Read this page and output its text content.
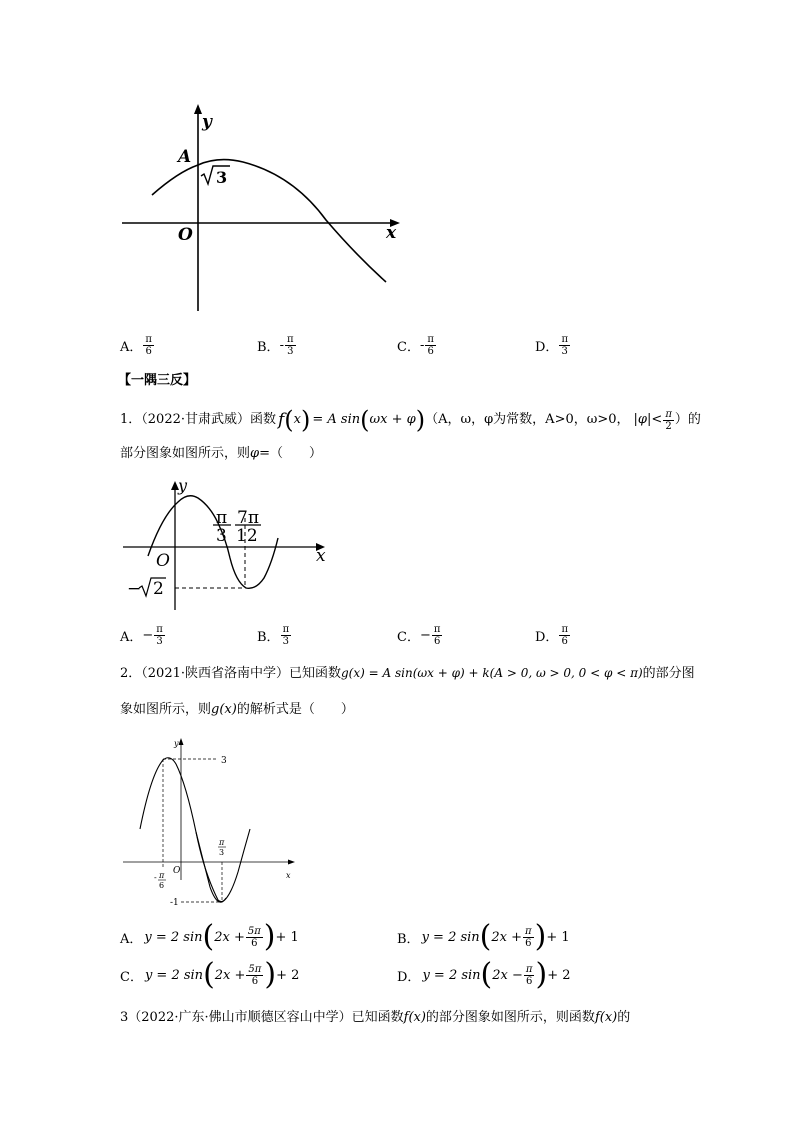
y
x
O
A
3
A． $\frac{\pi}{6}$	B． - $\frac{\pi}{3}$	C． - $\frac{\pi}{6}$	D． $\frac{\pi}{3}$
【一隅三反】
1．（2022·甘肃武威）函数 f ( x ) = A sin ( ωx + φ ) （A，ω，φ为常数，A>0，ω>0， | φ | < $\frac{\pi}{2}$ ）的
部分图象如图所示，则φ=（　　）
y
x
O
π
3
7π
12
− 2
A． − $\frac{\pi}{3}$	B． $\frac{\pi}{3}$	C． − $\frac{\pi}{6}$	D． $\frac{\pi}{6}$
2．（2021·陕西省洛南中学）已知函数g(x) = A sin(ωx + φ) + k(A > 0, ω > 0, 0 < φ < π)的部分图
象如图所示，则g(x)的解析式是（　　）
y
x
O
3
-1
π
3
- π
6
A． y = 2 sin ( $2x + \frac{5\pi}{6}$ ) + 1	B． y = 2 sin ( $2x + \frac{\pi}{6}$ ) + 1
C． y = 2 sin ( $2x + \frac{5\pi}{6}$ ) + 2	D． y = 2 sin ( $2x - \frac{\pi}{6}$ ) + 2
3（2022·广东·佛山市顺德区容山中学）已知函数f(x)的部分图象如图所示，则函数f(x)的
